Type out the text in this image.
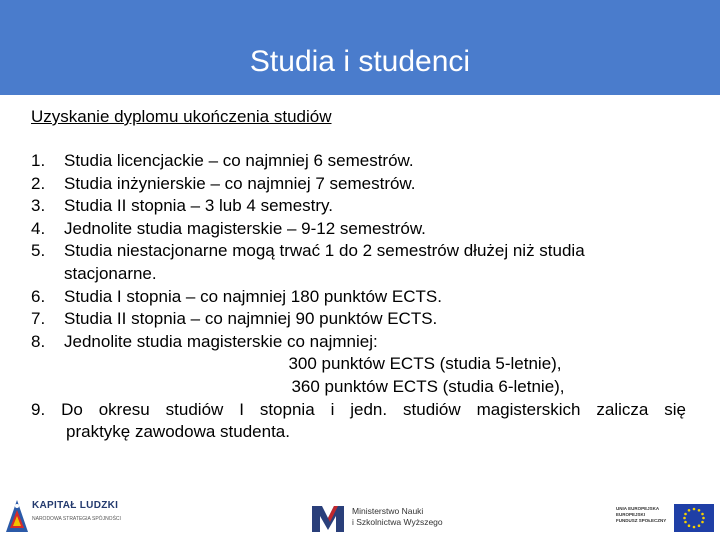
Studia i studenci
Uzyskanie dyplomu ukończenia studiów
1. Studia licencjackie – co najmniej 6 semestrów.
2. Studia inżynierskie – co najmniej 7 semestrów.
3. Studia II stopnia – 3 lub 4 semestry.
4. Jednolite studia magisterskie – 9-12 semestrów.
5. Studia niestacjonarne mogą trwać 1 do 2 semestrów dłużej niż studia
stacjonarne.
6. Studia I stopnia – co najmniej 180 punktów ECTS.
7. Studia II stopnia – co najmniej 90 punktów ECTS.
8. Jednolite studia magisterskie co najmniej:
300 punktów ECTS (studia 5-letnie),
360 punktów ECTS (studia 6-letnie),
9. Do okresu studiów I stopnia i jedn. studiów magisterskich zalicza się
praktykę zawodowa studenta.
KAPITAŁ LUDZKI
NARODOWA STRATEGIA SPÓJNOŚCI
Ministerstwo Nauki
i Szkolnictwa Wyższego
UNIA EUROPEJSKA
EUROPEJSKI
FUNDUSZ SPOŁECZNY
